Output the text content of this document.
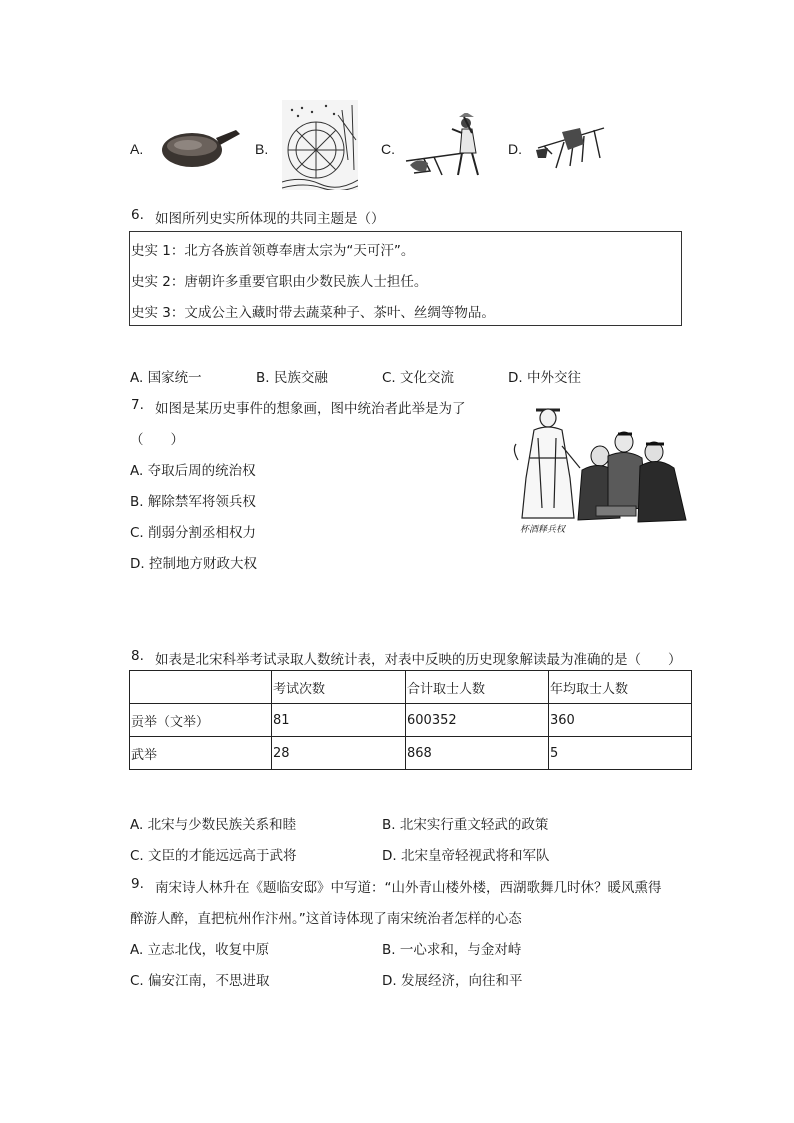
A.	B.	C.	D.
6. 如图所列史实所体现的共同主题是（）
史实 1：北方各族首领尊奉唐太宗为“天可汗”。
史实 2：唐朝许多重要官职由少数民族人士担任。
史实 3：文成公主入藏时带去蔬菜种子、茶叶、丝绸等物品。
A. 国家统一	B. 民族交融	C. 文化交流	D. 中外交往
7. 如图是某历史事件的想象画，图中统治者此举是为了
（　　）
A. 夺取后周的统治权
B. 解除禁军将领兵权
C. 削弱分割丞相权力
D. 控制地方财政大权
杯酒释兵权
8. 如表是北宋科举考试录取人数统计表，对表中反映的历史现象解读最为准确的是（　　）
	考试次数	合计取士人数	年均取士人数
贡举（文举）	81	600352	360
武举	28	868	5
A. 北宋与少数民族关系和睦	B. 北宋实行重文轻武的政策
C. 文臣的才能远远高于武将	D. 北宋皇帝轻视武将和军队
9. 南宋诗人林升在《题临安邸》中写道：“山外青山楼外楼，西湖歌舞几时休？暖风熏得
醉游人醉，直把杭州作汴州。”这首诗体现了南宋统治者怎样的心态
A. 立志北伐，收复中原	B. 一心求和，与金对峙
C. 偏安江南，不思进取	D. 发展经济，向往和平
